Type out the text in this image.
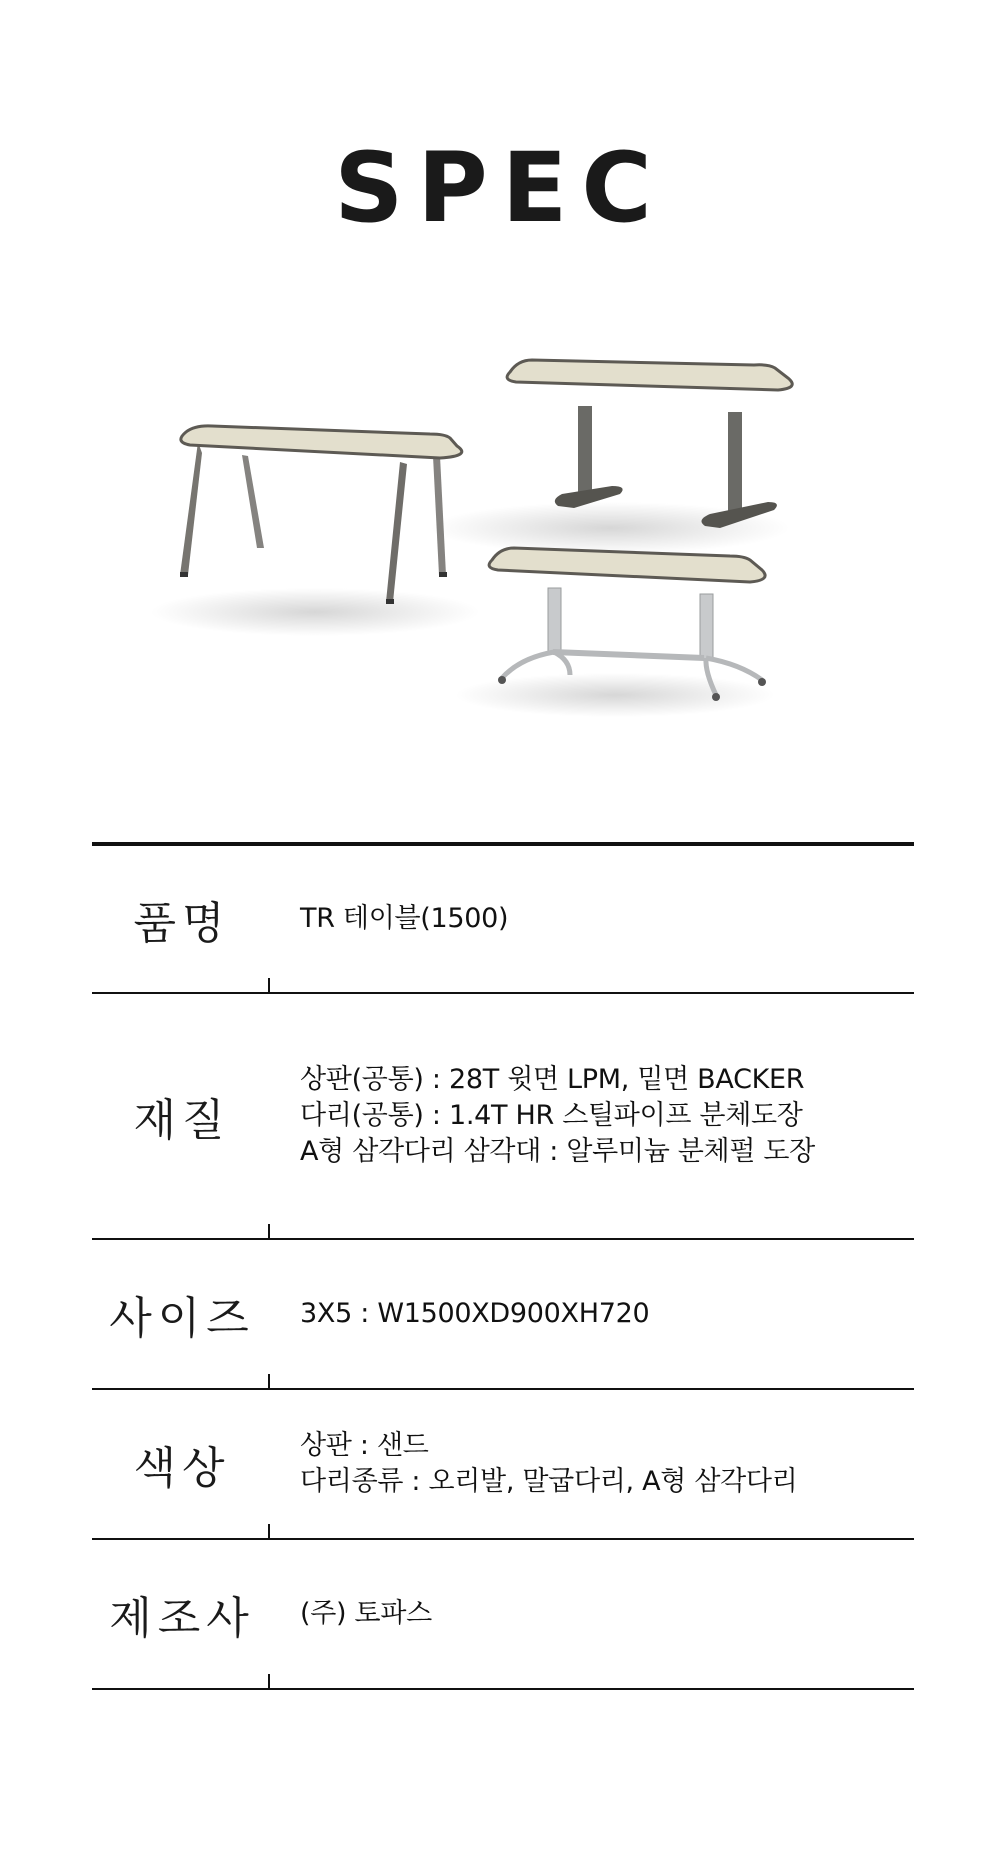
SPEC
품명	TR 테이블(1500)
재질
상판(공통) : 28T 윗면 LPM, 밑면 BACKER
다리(공통) : 1.4T HR 스틸파이프 분체도장
A형 삼각다리 삼각대 : 알루미늄 분체펄 도장
사이즈	3X5 : W1500XD900XH720
색상	상판 : 샌드
다리종류 : 오리발, 말굽다리, A형 삼각다리
제조사	(주) 토파스
